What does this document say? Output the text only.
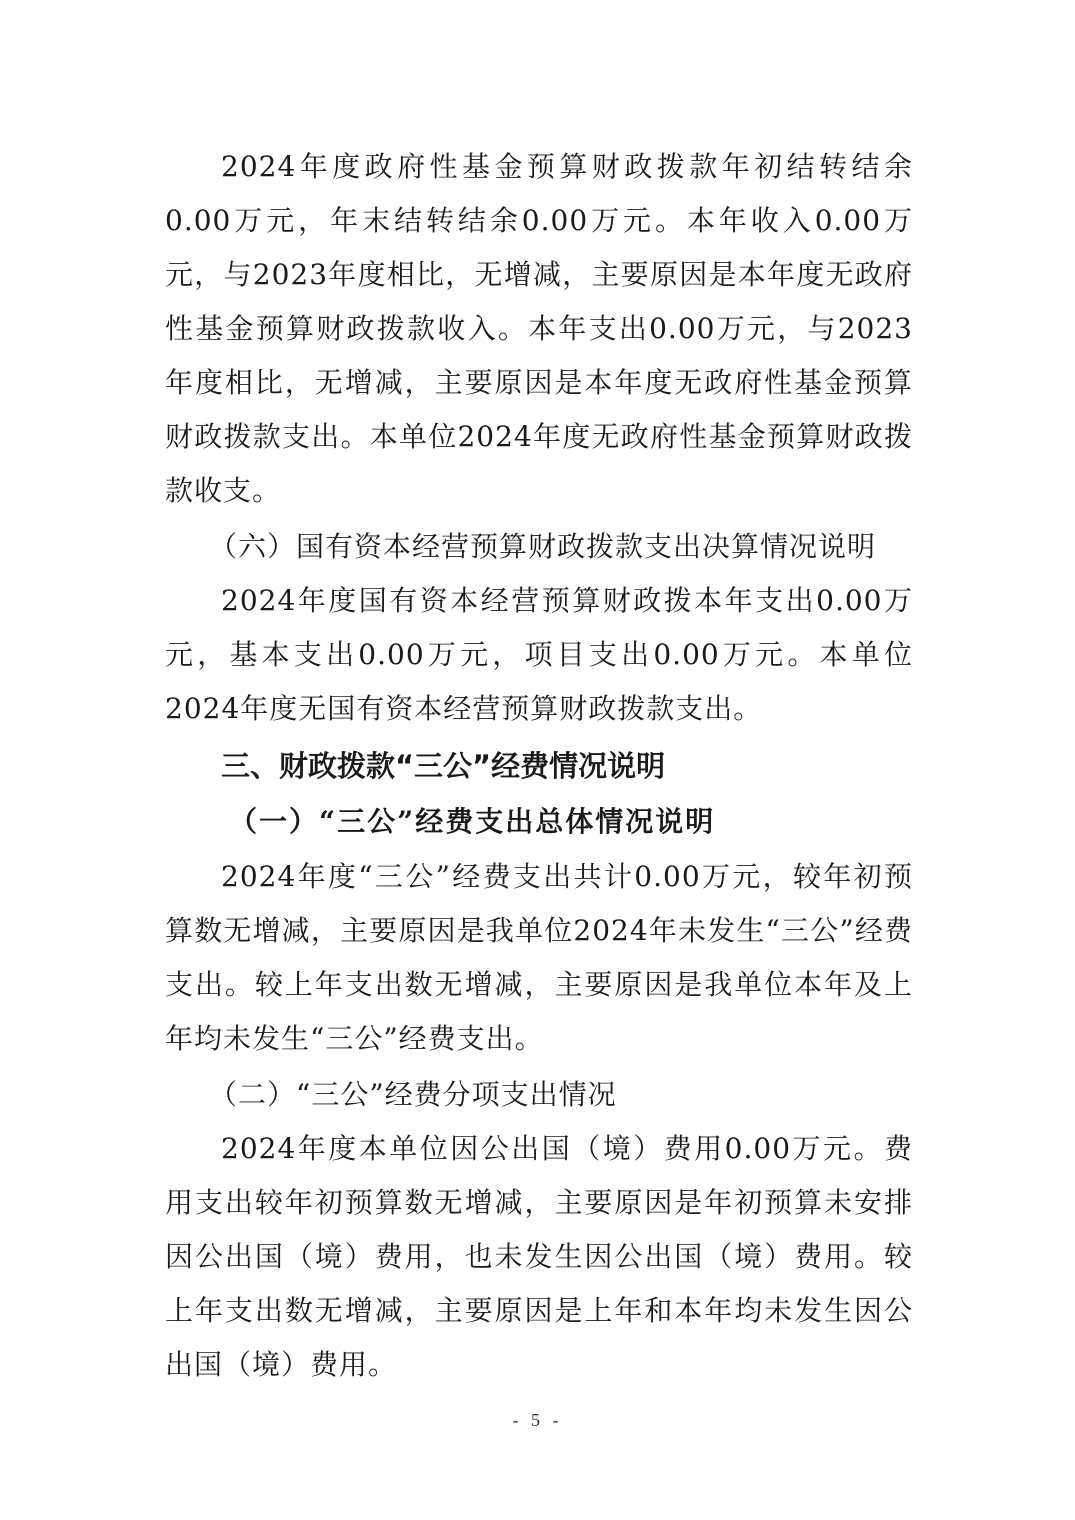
2024年度政府性基金预算财政拨款年初结转结余0.00万元，年末结转结余0.00万元。本年收入0.00万元，与2023年度相比，无增减，主要原因是本年度无政府性基金预算财政拨款收入。本年支出0.00万元，与2023年度相比，无增减，主要原因是本年度无政府性基金预算财政拨款支出。本单位2024年度无政府性基金预算财政拨款收支。

（六）国有资本经营预算财政拨款支出决算情况说明

2024年度国有资本经营预算财政拨本年支出0.00万元，基本支出0.00万元，项目支出0.00万元。本单位2024年度无国有资本经营预算财政拨款支出。

三、财政拨款“三公”经费情况说明

（一）“三公”经费支出总体情况说明

2024年度“三公”经费支出共计0.00万元，较年初预算数无增减，主要原因是我单位2024年未发生“三公”经费支出。较上年支出数无增减，主要原因是我单位本年及上年均未发生“三公”经费支出。

（二）“三公”经费分项支出情况

2024年度本单位因公出国（境）费用0.00万元。费用支出较年初预算数无增减，主要原因是年初预算未安排因公出国（境）费用，也未发生因公出国（境）费用。较上年支出数无增减，主要原因是上年和本年均未发生因公出国（境）费用。

- 5 -
